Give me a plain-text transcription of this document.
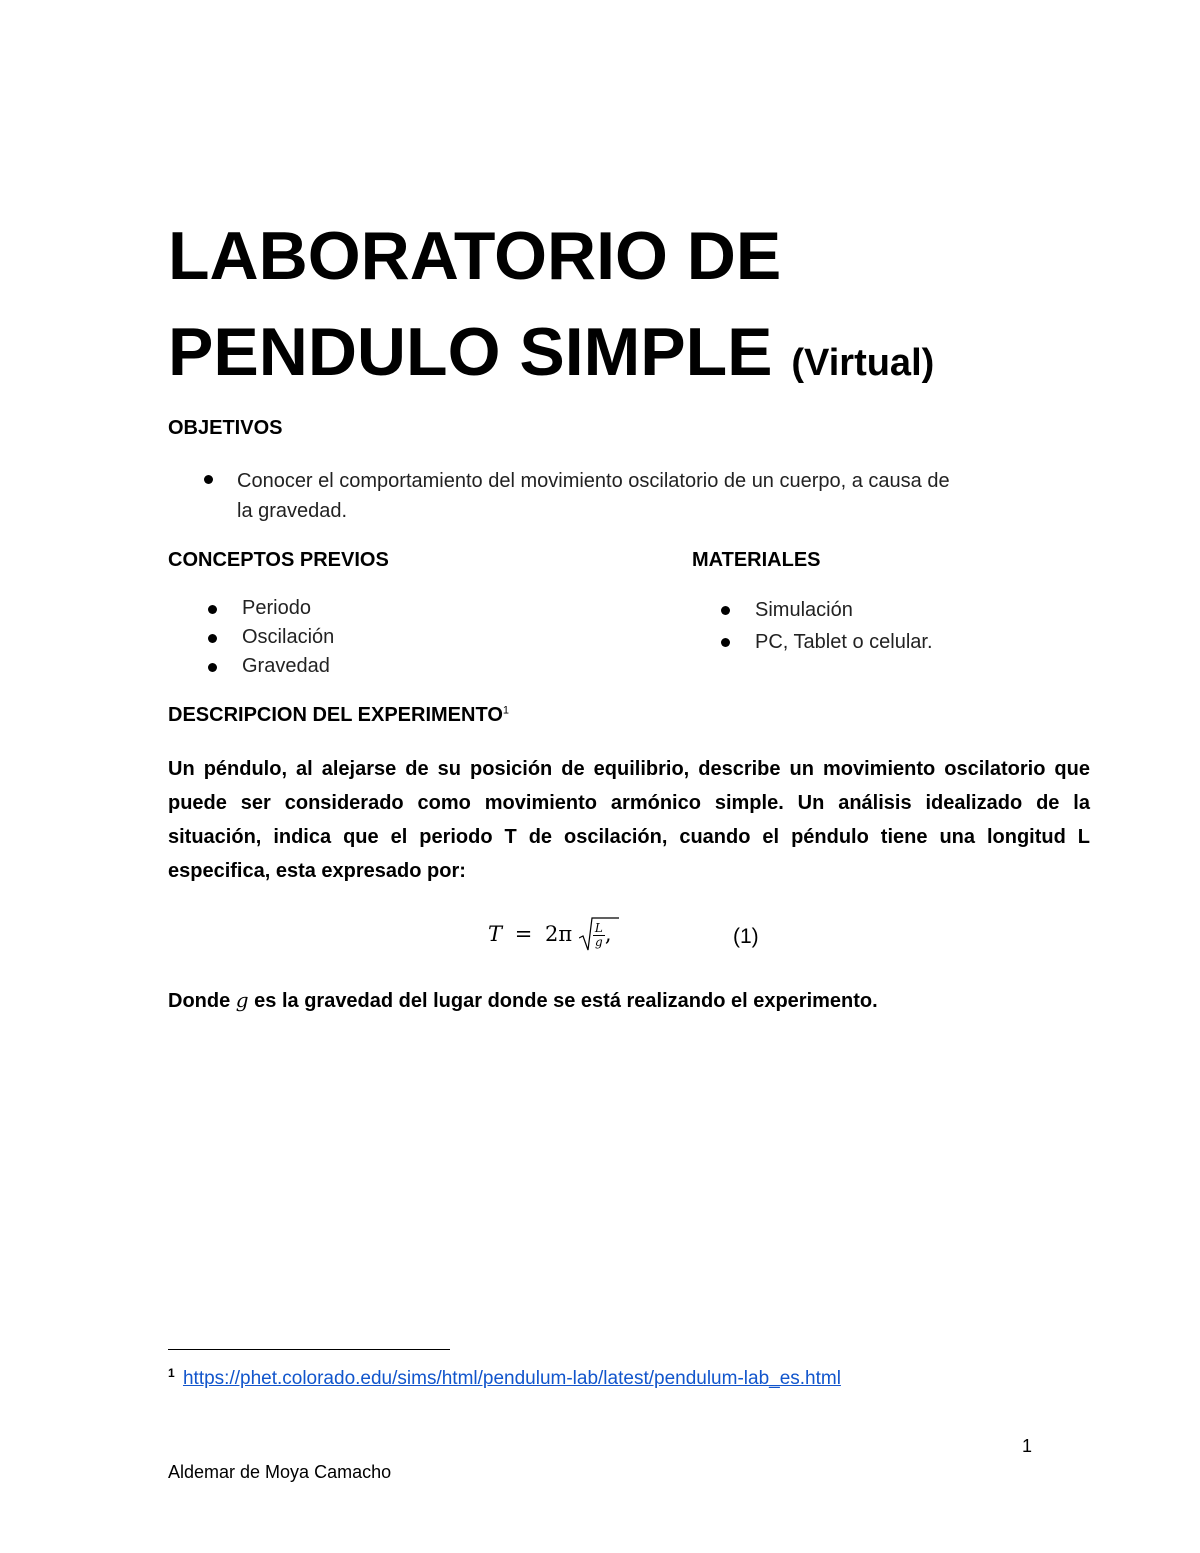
LABORATORIO DE
PENDULO SIMPLE (Virtual)
OBJETIVOS
Conocer el comportamiento del movimiento oscilatorio de un cuerpo, a causa de
la gravedad.
CONCEPTOS PREVIOS
Periodo
Oscilación
Gravedad
MATERIALES
Simulación
PC, Tablet o celular.
DESCRIPCION DEL EXPERIMENTO$^1$
Un péndulo, al alejarse de su posición de equilibrio, describe un movimiento oscilatorio que
puede ser considerado como movimiento armónico simple. Un análisis idealizado de la
situación, indica que el periodo T de oscilación, cuando el péndulo tiene una longitud L
especifica, esta expresado por:
$T = 2\pi \frac{L}{g}$ ,	(1)
Donde g es la gravedad del lugar donde se está realizando el experimento.
$^1$ https://phet.colorado.edu/sims/html/pendulum-lab/latest/pendulum-lab_es.html
1
Aldemar de Moya Camacho
